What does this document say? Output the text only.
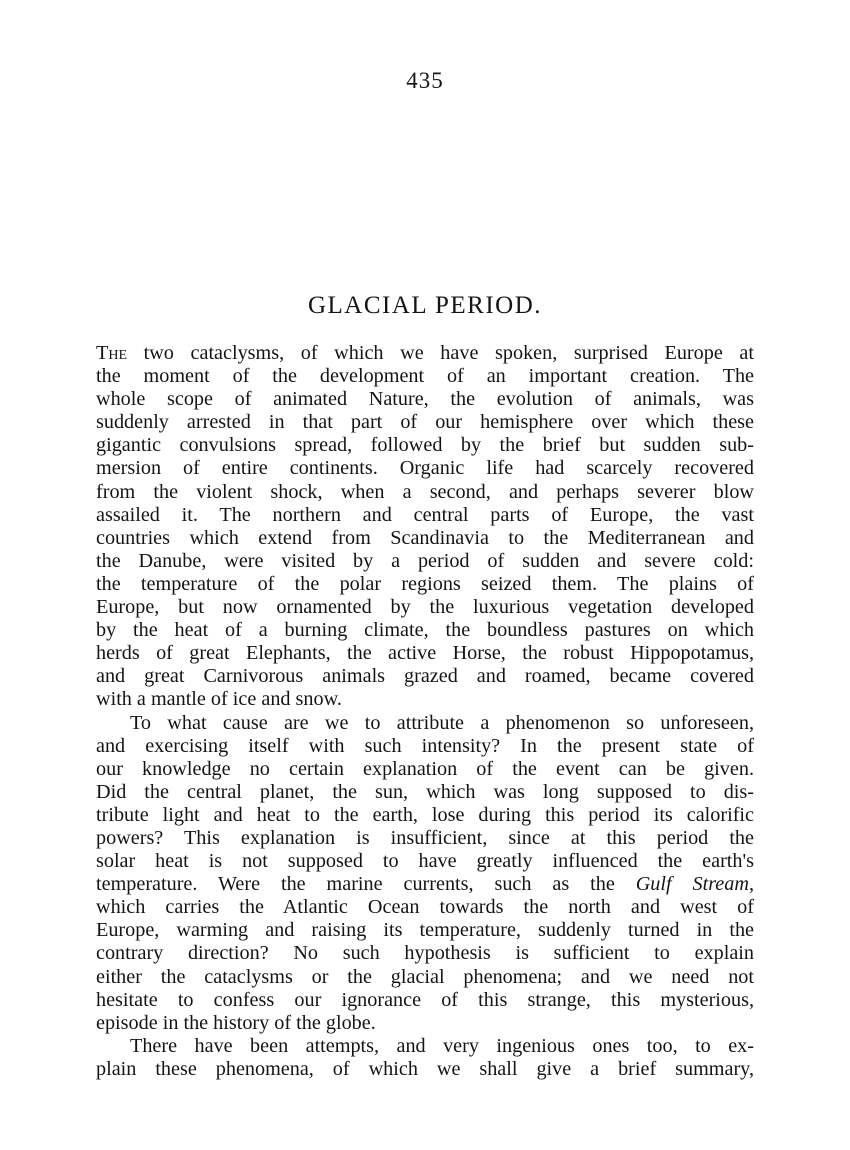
435
GLACIAL PERIOD.
The two cataclysms, of which we have spoken, surprised Europe at
the moment of the development of an important creation. The
whole scope of animated Nature, the evolution of animals, was
suddenly arrested in that part of our hemisphere over which these
gigantic convulsions spread, followed by the brief but sudden sub-
mersion of entire continents. Organic life had scarcely recovered
from the violent shock, when a second, and perhaps severer blow
assailed it. The northern and central parts of Europe, the vast
countries which extend from Scandinavia to the Mediterranean and
the Danube, were visited by a period of sudden and severe cold:
the temperature of the polar regions seized them. The plains of
Europe, but now ornamented by the luxurious vegetation developed
by the heat of a burning climate, the boundless pastures on which
herds of great Elephants, the active Horse, the robust Hippopotamus,
and great Carnivorous animals grazed and roamed, became covered
with a mantle of ice and snow.
To what cause are we to attribute a phenomenon so unforeseen,
and exercising itself with such intensity? In the present state of
our knowledge no certain explanation of the event can be given.
Did the central planet, the sun, which was long supposed to dis-
tribute light and heat to the earth, lose during this period its calorific
powers? This explanation is insufficient, since at this period the
solar heat is not supposed to have greatly influenced the earth's
temperature. Were the marine currents, such as the Gulf Stream,
which carries the Atlantic Ocean towards the north and west of
Europe, warming and raising its temperature, suddenly turned in the
contrary direction? No such hypothesis is sufficient to explain
either the cataclysms or the glacial phenomena; and we need not
hesitate to confess our ignorance of this strange, this mysterious,
episode in the history of the globe.
There have been attempts, and very ingenious ones too, to ex-
plain these phenomena, of which we shall give a brief summary,
